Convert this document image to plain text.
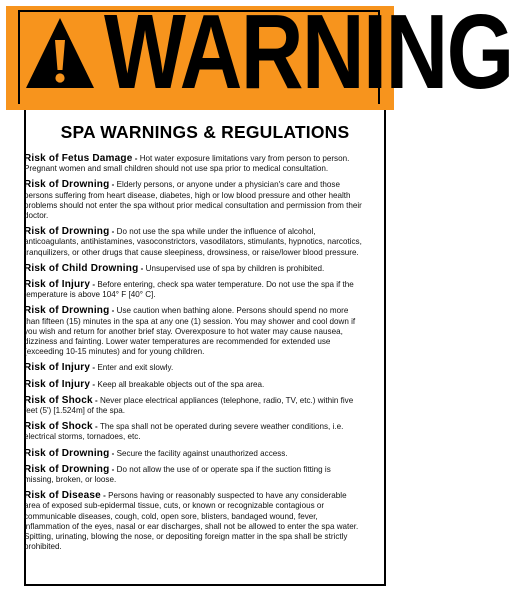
WARNING
SPA WARNINGS & REGULATIONS
Risk of Fetus Damage - Hot water exposure limitations vary from person to person. Pregnant women and small children should not use spa prior to medical consultation.
Risk of Drowning - Elderly persons, or anyone under a physician's care and those persons suffering from heart disease, diabetes, high or low blood pressure and other health problems should not enter the spa without prior medical consultation and permission from their doctor.
Risk of Drowning - Do not use the spa while under the influence of alcohol, anticoagulants, antihistamines, vasoconstrictors, vasodilators, stimulants, hypnotics, narcotics, tranquilizers, or other drugs that cause sleepiness, drowsiness, or raise/lower blood pressure.
Risk of Child Drowning - Unsupervised use of spa by children is prohibited.
Risk of Injury - Before entering, check spa water temperature. Do not use the spa if the temperature is above 104° F [40° C].
Risk of Drowning - Use caution when bathing alone. Persons should spend no more than fifteen (15) minutes in the spa at any one (1) session. You may shower and cool down if you wish and return for another brief stay. Overexposure to hot water may cause nausea, dizziness and fainting. Lower water temperatures are recommended for extended use (exceeding 10-15 minutes) and for young children.
Risk of Injury - Enter and exit slowly.
Risk of Injury - Keep all breakable objects out of the spa area.
Risk of Shock - Never place electrical appliances (telephone, radio, TV, etc.) within five feet (5') [1.524m] of the spa.
Risk of Shock - The spa shall not be operated during severe weather conditions, i.e. electrical storms, tornadoes, etc.
Risk of Drowning - Secure the facility against unauthorized access.
Risk of Drowning - Do not allow the use of or operate spa if the suction fitting is missing, broken, or loose.
Risk of Disease - Persons having or reasonably suspected to have any considerable area of exposed sub-epidermal tissue, cuts, or known or recognizable contagious or communicable diseases, cough, cold, open sore, blisters, bandaged wound, fever, inflammation of the eyes, nasal or ear discharges, shall not be allowed to enter the spa water. Spitting, urinating, blowing the nose, or depositing foreign matter in the spa shall be strictly prohibited.
